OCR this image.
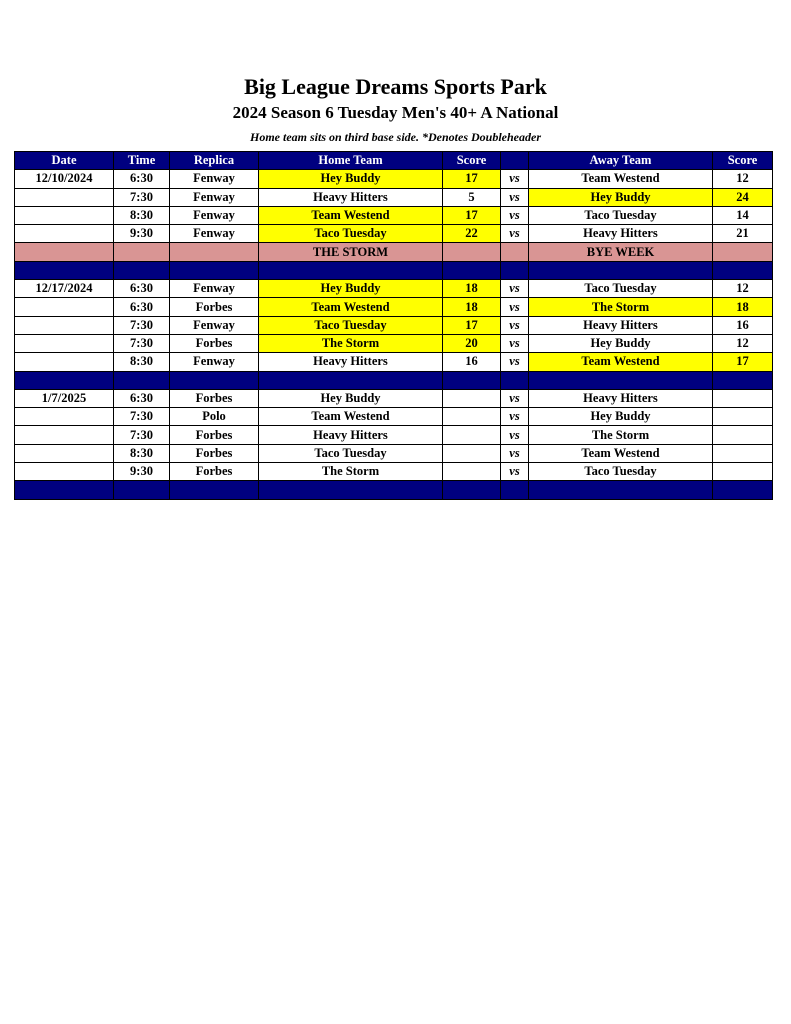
Big League Dreams Sports Park
2024 Season 6 Tuesday Men's 40+ A National
Home team sits on third base side. *Denotes Doubleheader
Date	Time	Replica	Home Team	Score		Away Team	Score
12/10/2024	6:30	Fenway	Hey Buddy	17	vs	Team Westend	12
	7:30	Fenway	Heavy Hitters	5	vs	Hey Buddy	24
	8:30	Fenway	Team Westend	17	vs	Taco Tuesday	14
	9:30	Fenway	Taco Tuesday	22	vs	Heavy Hitters	21
			THE STORM			BYE WEEK	

12/17/2024	6:30	Fenway	Hey Buddy	18	vs	Taco Tuesday	12
	6:30	Forbes	Team Westend	18	vs	The Storm	18
	7:30	Fenway	Taco Tuesday	17	vs	Heavy Hitters	16
	7:30	Forbes	The Storm	20	vs	Hey Buddy	12
	8:30	Fenway	Heavy Hitters	16	vs	Team Westend	17

1/7/2025	6:30	Forbes	Hey Buddy		vs	Heavy Hitters	
	7:30	Polo	Team Westend		vs	Hey Buddy	
	7:30	Forbes	Heavy Hitters		vs	The Storm	
	8:30	Forbes	Taco Tuesday		vs	Team Westend	
	9:30	Forbes	The Storm		vs	Taco Tuesday	
